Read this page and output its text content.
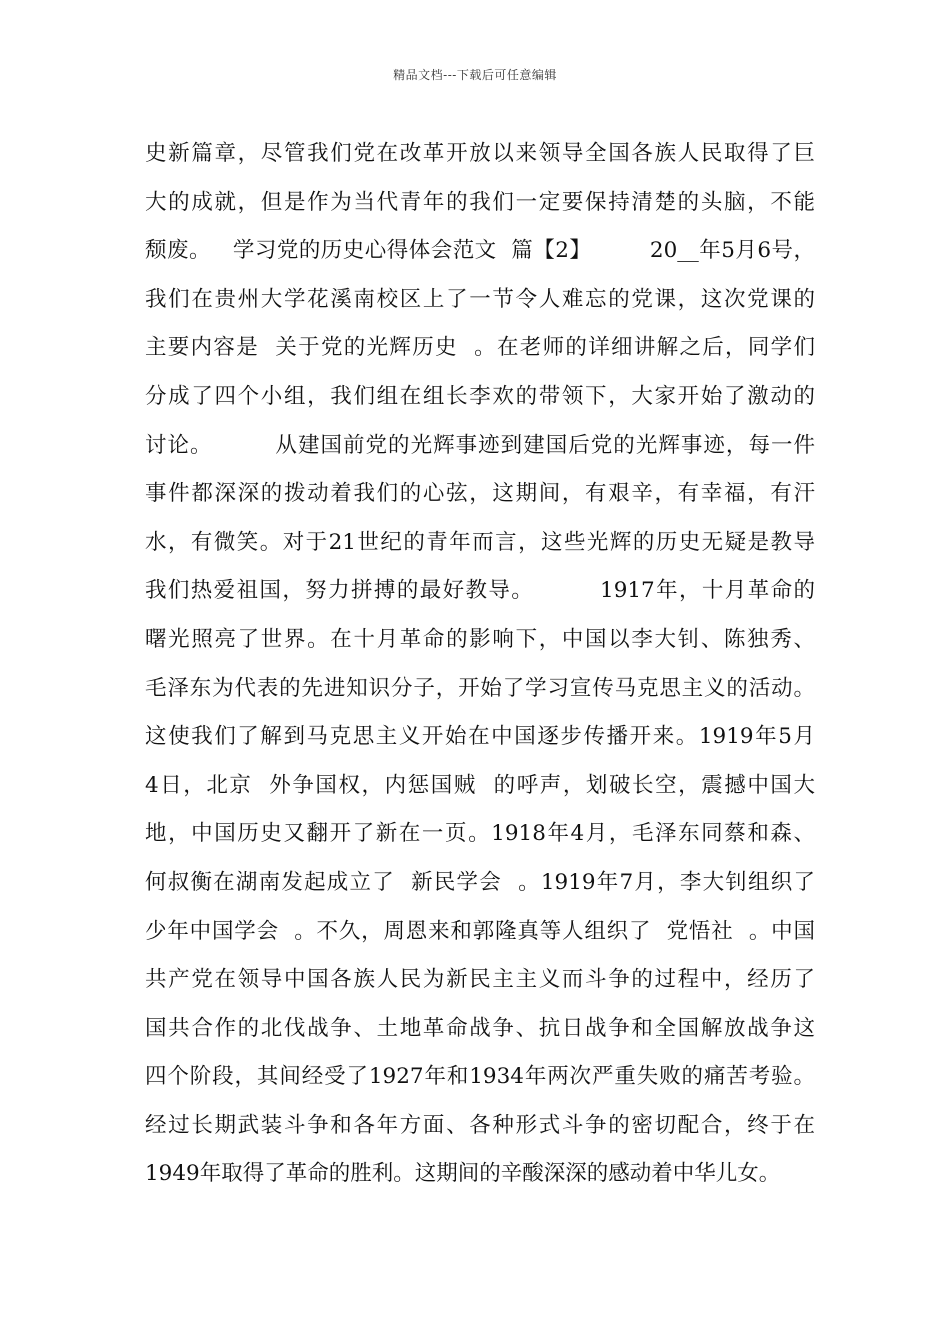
精品文档---下载后可任意编辑
史新篇章，尽管我们党在改革开放以来领导全国各族人民取得了巨
大的成就，但是作为当代青年的我们一定要保持清楚的头脑，不能
颓废。   学习党的历史心得体会范文  篇【2】        20__年5月6号，
我们在贵州大学花溪南校区上了一节令人难忘的党课，这次党课的
主要内容是  关于党的光辉历史  。在老师的详细讲解之后，同学们
分成了四个小组，我们组在组长李欢的带领下，大家开始了激动的
讨论。        从建国前党的光辉事迹到建国后党的光辉事迹，每一件
事件都深深的拨动着我们的心弦，这期间，有艰辛，有幸福，有汗
水，有微笑。对于21世纪的青年而言，这些光辉的历史无疑是教导
我们热爱祖国，努力拼搏的最好教导。        1917年，十月革命的
曙光照亮了世界。在十月革命的影响下，中国以李大钊、陈独秀、
毛泽东为代表的先进知识分子，开始了学习宣传马克思主义的活动。
这使我们了解到马克思主义开始在中国逐步传播开来。1919年5月
4日，北京  外争国权，内惩国贼  的呼声，划破长空，震撼中国大
地，中国历史又翻开了新在一页。1918年4月，毛泽东同蔡和森、
何叔衡在湖南发起成立了  新民学会  。1919年7月，李大钊组织了
少年中国学会  。不久，周恩来和郭隆真等人组织了  党悟社  。中国
共产党在领导中国各族人民为新民主主义而斗争的过程中，经历了
国共合作的北伐战争、土地革命战争、抗日战争和全国解放战争这
四个阶段，其间经受了1927年和1934年两次严重失败的痛苦考验。
经过长期武装斗争和各年方面、各种形式斗争的密切配合，终于在
1949年取得了革命的胜利。这期间的辛酸深深的感动着中华儿女。
